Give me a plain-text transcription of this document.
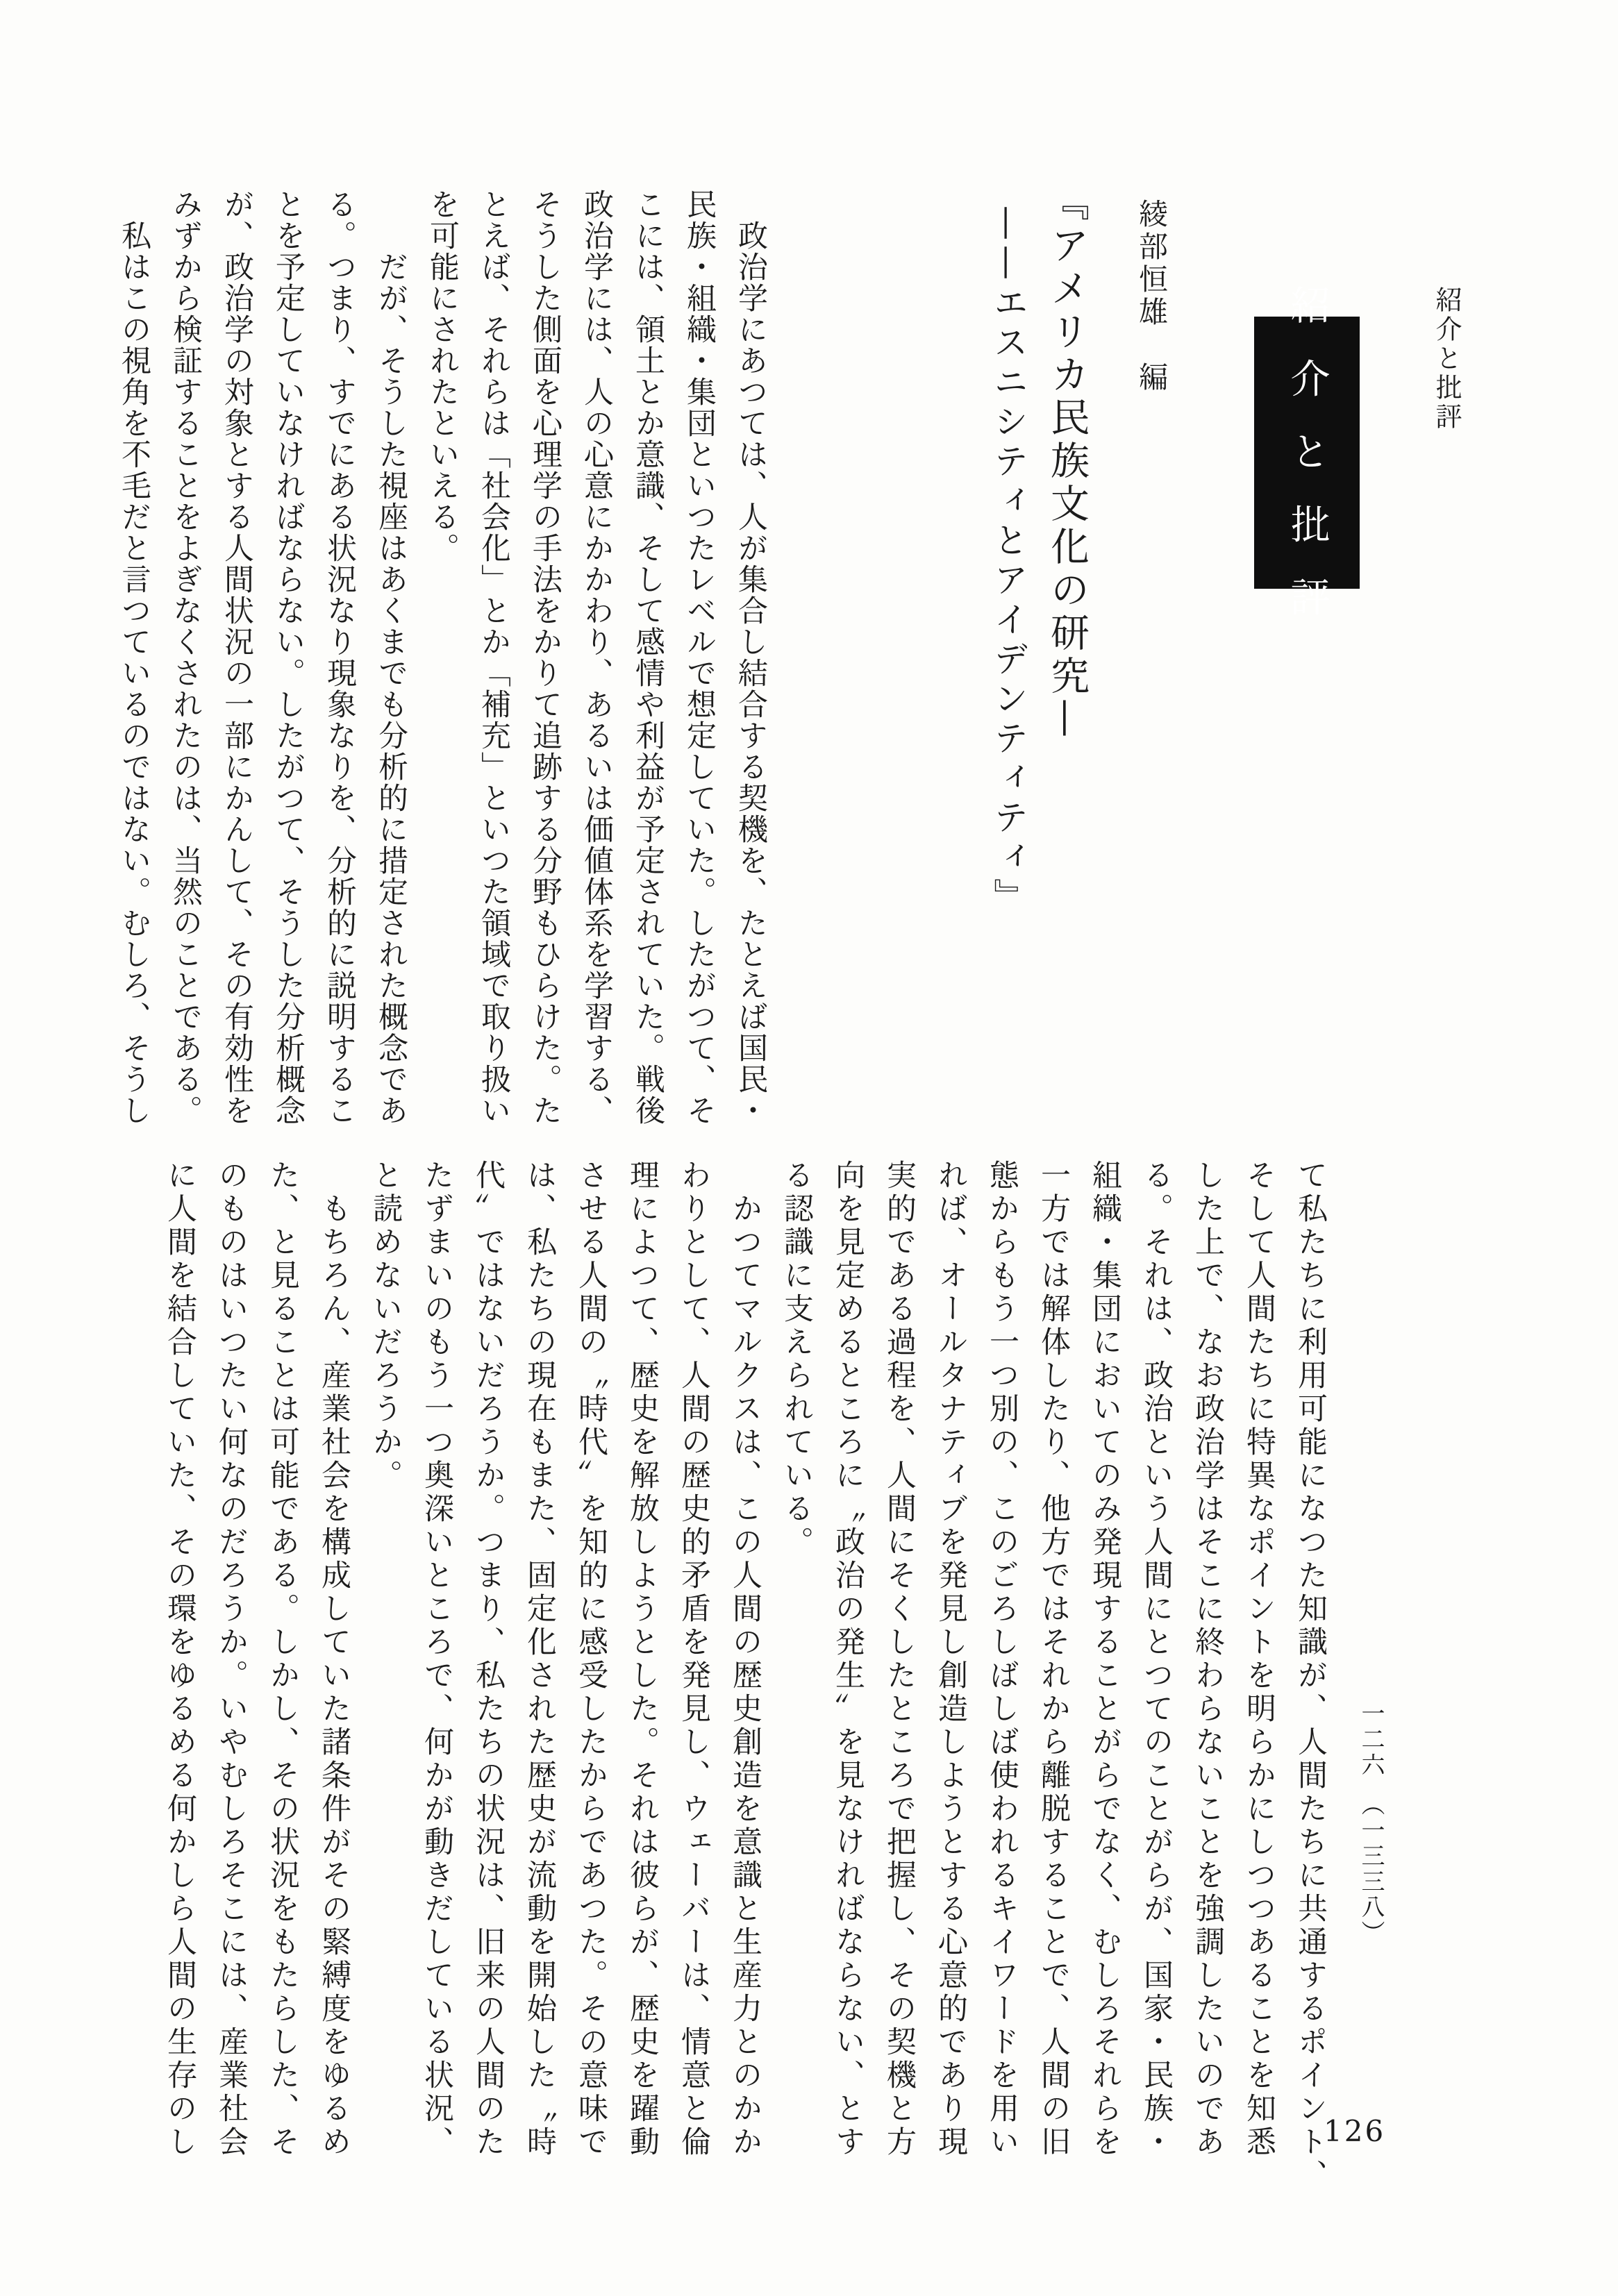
紹介と批評
紹 介 と 批 評
綾部恒雄　編
『アメリカ民族文化の研究—
——エスニシティとアイデンティティ』
　政治学にあつては、人が集合し結合する契機を、たとえば国民・
民族・組織・集団といつたレベルで想定していた。したがつて、そ
こには、領土とか意識、そして感情や利益が予定されていた。戦後
政治学には、人の心意にかかわり、あるいは価値体系を学習する、
そうした側面を心理学の手法をかりて追跡する分野もひらけた。た
とえば、それらは「社会化」とか「補充」といつた領域で取り扱い
を可能にされたといえる。
　　だが、そうした視座はあくまでも分析的に措定された概念であ
る。つまり、すでにある状況なり現象なりを、分析的に説明するこ
とを予定していなければならない。したがつて、そうした分析概念
が、政治学の対象とする人間状況の一部にかんして、その有効性を
みずから検証することをよぎなくされたのは、当然のことである。
　私はこの視角を不毛だと言つているのではない。むしろ、そうし
て私たちに利用可能になつた知識が、人間たちに共通するポイント、
そして人間たちに特異なポイントを明らかにしつつあることを知悉
した上で、なお政治学はそこに終わらないことを強調したいのであ
る。それは、政治という人間にとつてのことがらが、国家・民族・
組織・集団においてのみ発現することがらでなく、むしろそれらを
一方では解体したり、他方ではそれから離脱することで、人間の旧
態からもう一つ別の、このごろしばしば使われるキイワードを用い
れば、オールタナティブを発見し創造しようとする心意的であり現
実的である過程を、人間にそくしたところで把握し、その契機と方
向を見定めるところに〝政治の発生〟を見なければならない、とす
る認識に支えられている。
　かつてマルクスは、この人間の歴史創造を意識と生産力とのかか
わりとして、人間の歴史的矛盾を発見し、ウェーバーは、情意と倫
理によつて、歴史を解放しようとした。それは彼らが、歴史を躍動
させる人間の〝時代〟を知的に感受したからであつた。その意味で
は、私たちの現在もまた、固定化された歴史が流動を開始した〝時
代〟ではないだろうか。つまり、私たちの状況は、旧来の人間のた
たずまいのもう一つ奥深いところで、何かが動きだしている状況、
と読めないだろうか。
　もちろん、産業社会を構成していた諸条件がその緊縛度をゆるめ
た、と見ることは可能である。しかし、その状況をもたらした、そ
のものはいつたい何なのだろうか。いやむしろそこには、産業社会
に人間を結合していた、その環をゆるめる何かしら人間の生存のし	一二六　（一三三八）
126
